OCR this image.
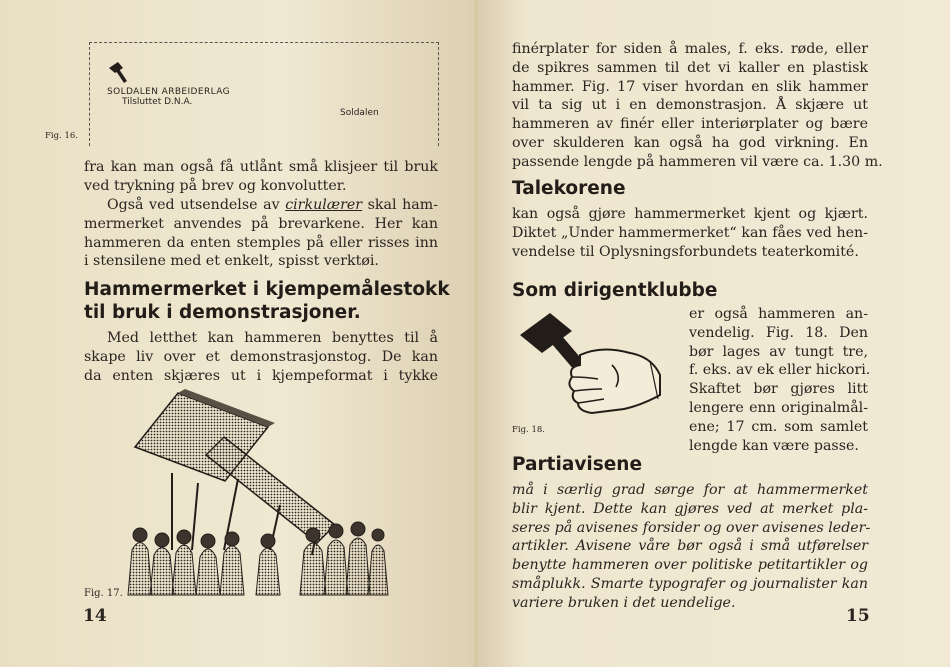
SOLDALEN ARBEIDERLAG
Tilsluttet D.N.A.
Soldalen
Fig. 16.
fra kan man også få utlånt små klisjeer til bruk
ved trykning på brev og konvolutter.
Også ved utsendelse av cirkulærer skal ham-
mermerket anvendes på brevarkene. Her kan
hammeren da enten stemples på eller risses inn
i stensilene med et enkelt, spisst verktøi.
Hammermerket i kjempemålestokk
til bruk i demonstrasjoner.
Med letthet kan hammeren benyttes til å
skape liv over et demonstrasjonstog. De kan
da enten skjæres ut i kjempeformat i tykke
Fig. 17.
14
finérplater for siden å males, f. eks. røde, eller
de spikres sammen til det vi kaller en plastisk
hammer. Fig. 17 viser hvordan en slik hammer
vil ta sig ut i en demonstrasjon. Å skjære ut
hammeren av finér eller interiørplater og bære
over skulderen kan også ha god virkning. En
passende lengde på hammeren vil være ca. 1.30 m.
Talekorene
kan også gjøre hammermerket kjent og kjært.
Diktet „Under hammermerket“ kan fåes ved hen-
vendelse til Oplysningsforbundets teaterkomité.
Som dirigentklubbe
Fig. 18.
er også hammeren an-
vendelig. Fig. 18. Den
bør lages av tungt tre,
f. eks. av ek eller hickori.
Skaftet bør gjøres litt
lengere enn originalmål-
ene; 17 cm. som samlet
lengde kan være passe.
Partiavisene
må i særlig grad sørge for at hammermerket
blir kjent. Dette kan gjøres ved at merket pla-
seres på avisenes forsider og over avisenes leder-
artikler. Avisene våre bør også i små utførelser
benytte hammeren over politiske petitartikler og
småplukk. Smarte typografer og journalister kan
variere bruken i det uendelige.
15
